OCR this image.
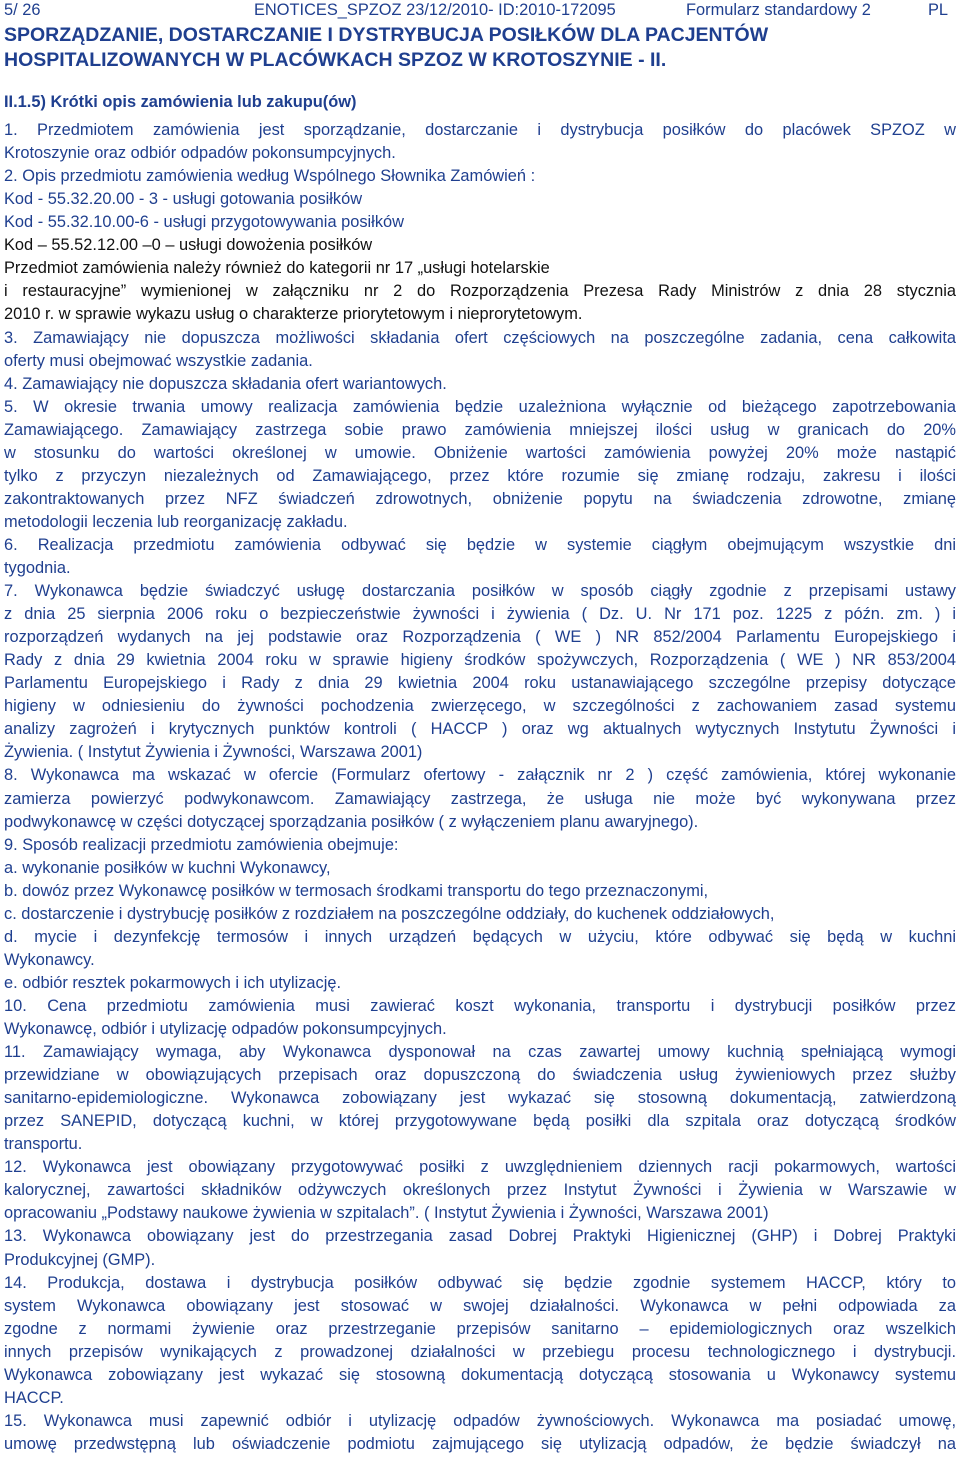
5/ 26	ENOTICES_SPZOZ 23/12/2010- ID:2010-172095	Formularz standardowy 2	PL
SPORZĄDZANIE, DOSTARCZANIE I DYSTRYBUCJA POSIŁKÓW DLA PACJENTÓW
HOSPITALIZOWANYCH W PLACÓWKACH SPZOZ W KROTOSZYNIE - II.
II.1.5) Krótki opis zamówienia lub zakupu(ów)
1. Przedmiotem zamówienia jest sporządzanie, dostarczanie i dystrybucja posiłków do placówek SPZOZ w
Krotoszynie oraz odbiór odpadów pokonsumpcyjnych.
2. Opis przedmiotu zamówienia według Wspólnego Słownika Zamówień :
Kod - 55.32.20.00 - 3 - usługi gotowania posiłków
Kod - 55.32.10.00-6 - usługi przygotowywania posiłków
Kod – 55.52.12.00 –0 – usługi dowożenia posiłków
Przedmiot zamówienia należy również do kategorii nr 17 „usługi hotelarskie
i restauracyjne” wymienionej w załączniku nr 2 do Rozporządzenia Prezesa Rady Ministrów z dnia 28 stycznia
2010 r. w sprawie wykazu usług o charakterze priorytetowym i nieprorytetowym.
3. Zamawiający nie dopuszcza możliwości składania ofert częściowych na poszczególne zadania, cena całkowita
oferty musi obejmować wszystkie zadania.
4. Zamawiający nie dopuszcza składania ofert wariantowych.
5. W okresie trwania umowy realizacja zamówienia będzie uzależniona wyłącznie od bieżącego zapotrzebowania
Zamawiającego. Zamawiający zastrzega sobie prawo zamówienia mniejszej ilości usług w granicach do 20%
w stosunku do wartości określonej w umowie. Obniżenie wartości zamówienia powyżej 20% może nastąpić
tylko z przyczyn niezależnych od Zamawiającego, przez które rozumie się zmianę rodzaju, zakresu i ilości
zakontraktowanych przez NFZ świadczeń zdrowotnych, obniżenie popytu na świadczenia zdrowotne, zmianę
metodologii leczenia lub reorganizację zakładu.
6. Realizacja przedmiotu zamówienia odbywać się będzie w systemie ciągłym obejmującym wszystkie dni
tygodnia.
7. Wykonawca będzie świadczyć usługę dostarczania posiłków w sposób ciągły zgodnie z przepisami ustawy
z dnia 25 sierpnia 2006 roku o bezpieczeństwie żywności i żywienia ( Dz. U. Nr 171 poz. 1225 z późn. zm. ) i
rozporządzeń wydanych na jej podstawie oraz Rozporządzenia ( WE ) NR 852/2004 Parlamentu Europejskiego i
Rady z dnia 29 kwietnia 2004 roku w sprawie higieny środków spożywczych, Rozporządzenia ( WE ) NR 853/2004
Parlamentu Europejskiego i Rady z dnia 29 kwietnia 2004 roku ustanawiającego szczególne przepisy dotyczące
higieny w odniesieniu do żywności pochodzenia zwierzęcego, w szczególności z zachowaniem zasad systemu
analizy zagrożeń i krytycznych punktów kontroli ( HACCP ) oraz wg aktualnych wytycznych Instytutu Żywności i
Żywienia. ( Instytut Żywienia i Żywności, Warszawa 2001)
8. Wykonawca ma wskazać w ofercie (Formularz ofertowy - załącznik nr 2 ) część zamówienia, której wykonanie
zamierza powierzyć podwykonawcom. Zamawiający zastrzega, że usługa nie może być wykonywana przez
podwykonawcę w części dotyczącej sporządzania posiłków ( z wyłączeniem planu awaryjnego).
9. Sposób realizacji przedmiotu zamówienia obejmuje:
a. wykonanie posiłków w kuchni Wykonawcy,
b. dowóz przez Wykonawcę posiłków w termosach środkami transportu do tego przeznaczonymi,
c. dostarczenie i dystrybucję posiłków z rozdziałem na poszczególne oddziały, do kuchenek oddziałowych,
d. mycie i dezynfekcję termosów i innych urządzeń będących w użyciu, które odbywać się będą w kuchni
Wykonawcy.
e. odbiór resztek pokarmowych i ich utylizację.
10. Cena przedmiotu zamówienia musi zawierać koszt wykonania, transportu i dystrybucji posiłków przez
Wykonawcę, odbiór i utylizację odpadów pokonsumpcyjnych.
11. Zamawiający wymaga, aby Wykonawca dysponował na czas zawartej umowy kuchnią spełniającą wymogi
przewidziane w obowiązujących przepisach oraz dopuszczoną do świadczenia usług żywieniowych przez służby
sanitarno-epidemiologiczne. Wykonawca zobowiązany jest wykazać się stosowną dokumentacją, zatwierdzoną
przez SANEPID, dotyczącą kuchni, w której przygotowywane będą posiłki dla szpitala oraz dotyczącą środków
transportu.
12. Wykonawca jest obowiązany przygotowywać posiłki z uwzględnieniem dziennych racji pokarmowych, wartości
kalorycznej, zawartości składników odżywczych określonych przez Instytut Żywności i Żywienia w Warszawie w
opracowaniu „Podstawy naukowe żywienia w szpitalach”. ( Instytut Żywienia i Żywności, Warszawa 2001)
13. Wykonawca obowiązany jest do przestrzegania zasad Dobrej Praktyki Higienicznej (GHP) i Dobrej Praktyki
Produkcyjnej (GMP).
14. Produkcja, dostawa i dystrybucja posiłków odbywać się będzie zgodnie systemem HACCP, który to
system Wykonawca obowiązany jest stosować w swojej działalności. Wykonawca w pełni odpowiada za
zgodne z normami żywienie oraz przestrzeganie przepisów sanitarno – epidemiologicznych oraz wszelkich
innych przepisów wynikających z prowadzonej działalności w przebiegu procesu technologicznego i dystrybucji.
Wykonawca zobowiązany jest wykazać się stosowną dokumentacją dotyczącą stosowania u Wykonawcy systemu
HACCP.
15. Wykonawca musi zapewnić odbiór i utylizację odpadów żywnościowych. Wykonawca ma posiadać umowę,
umowę przedwstępną lub oświadczenie podmiotu zajmującego się utylizacją odpadów, że będzie świadczył na
